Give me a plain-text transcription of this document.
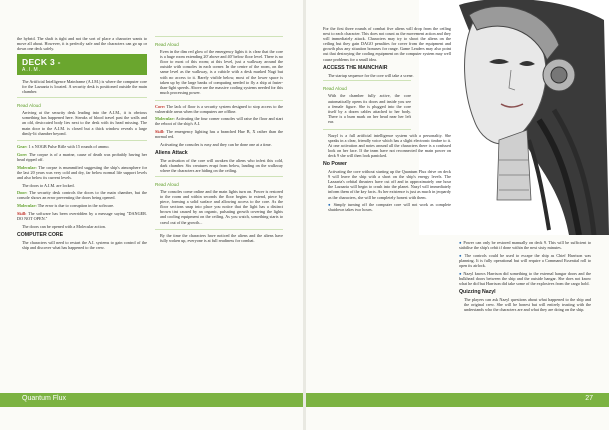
the hybrid. The shaft is tight and not the sort of place a character wants to move all about. However, it is perfectly safe and the characters can go up or down one deck safely.

DECK 3 -
A.I.M.

The Artificial Intelligence Mainframe (A.I.M.) is where the computer core for the Lazaaria is located. A security desk is positioned outside the main chamber.

Read Aloud

Arriving at the security desk leading into the A.I.M., it is obvious something has happened here. Streaks of blood travel past the walls and an old, desiccated body lies next to the desk with its head missing. The main door to the A.I.M. is closed but a thick window reveals a large dimly-lit chamber beyond.

Gear: 1 x NOGB Pulse Rifle with 15 rounds of ammo.

Gore: The corpse is of a marine, cause of death was probably having her head ripped off.

Molecular: The corpse is mummified suggesting the ship's atmosphere for the last 20 years was very cold and dry, far below normal life support levels and also below its current levels.

The doors to A.I.M. are locked.

Door: The security desk controls the doors to the main chamber, but the console shows an error preventing the doors being opened.

Molecular: The error is due to corruption in the software.

Skill: The software has been overridden by a message saying "DANGER. DO NOT OPEN."

The doors can be opened with a Molecular action.

COMPUTER CORE

The characters will need to restart the A.I. systems to gain control of the ship and discover what has happened to the crew.

Read Aloud

Even in the dim red glow of the emergency lights it is clear that the core is a huge room extending 20' above and 40' below floor level. There is no floor to most of this room; at this level, just a walkway around the outside with consoles in each corner. In the centre of the room, on the same level as the walkway, is a cubicle with a desk marked Nagi but with no access to it. Barely visible below, most of the lower space is taken up by the large banks of computing needed to fly a ship at faster-than-light speeds. Above are the massive cooling systems needed for this much processing power.

Core: The lack of floor is a security system designed to stop access to the vulnerable areas when the computers are offline.

Molecular: Activating the four corner consoles will raise the floor and start the reboot of the ship's A.I.

Skill: The emergency lighting has a branched Hue B, X rather than the normal red.

Activating the consoles is easy and they can be done one at a time.

Aliens Attack

The activation of the core will awaken the aliens who infest this cold, dark chamber. Six creatures erupt from below, landing on the walkway where the characters are hiding on the ceiling.

Read Aloud

The consoles come online and the main lights turn on. Power is restored to the room and within seconds the floor begins to extend, piece by piece, forming a solid surface and allowing access to the core. As the floor sections snap into place you notice that the light has a distinct brown tint caused by an organic, pulsating growth covering the lights and cooling equipment on the ceiling. As you watch, something starts to crawl out of the growth...

By the time the characters have noticed the aliens and the aliens have fully woken up, everyone is at full readiness for combat.

Quantum Flux

For the first three rounds of combat five aliens will drop from the ceiling next to each character. This does not count as the movement action and they will immediately attack. Characters may try to shoot the aliens on the ceiling but they gain DAGO penalties for cover from the equipment and growth plus any situation bonuses for range. Game Leaders may also point out that destroying the cooling equipment on the computer system may well cause problems for a small idea.

ACCESS THE MAINCHAIR

The startup sequence for the core will take a scene.

Read Aloud

With the chamber fully active, the core automatically opens its doors and inside you see a female figure. She is plugged into the core itself by a dozen cables attached to her body. There is a burn mark on her head near her left ear.

Nazyl is a full artificial intelligence system with a personality. She speaks in a clear, friendly voice which has a slight electronic timbre to it. At one activation and notes around all the characters there is a confused look on her face. If the team have not reconnected the main power on deck 9 she will then look panicked.

No Power

Activating the core without starting up the Quantum Flux drive on deck 9 will leave the ship with a short on the ship's energy levels. The Lazaaria's orbital thrusters have cut off and in approximately one hour the Lazaaria will begin to crash into the planet. Nazyl will immediately inform them of the key facts. As her existence is just as much in jeopardy as the characters, she will be completely honest with them.

● Simply turning off the computer core will not work as complete shutdown takes two hours.

● Power can only be restored manually on deck 9. This will be sufficient to stabilise the ship's orbit if done within the next sixty minutes.

● The controls could be used to escape the ship as Chief Harrison was planning. It is fully operational but will require a Command Essential roll to open its airlock.

● Nazyl knows Harrison did something to the external hangar doors and the bulkhead doors between the ship and the outside hangar. She does not know what he did but Harrison did take some of the explosives from the cargo hold.

Quizzing Nazyl

The players can ask Nazyl questions about what happened to the ship and the original crew. She will be honest but will entirely trusting with the understands who the characters are and what they are doing on the ship.

27
